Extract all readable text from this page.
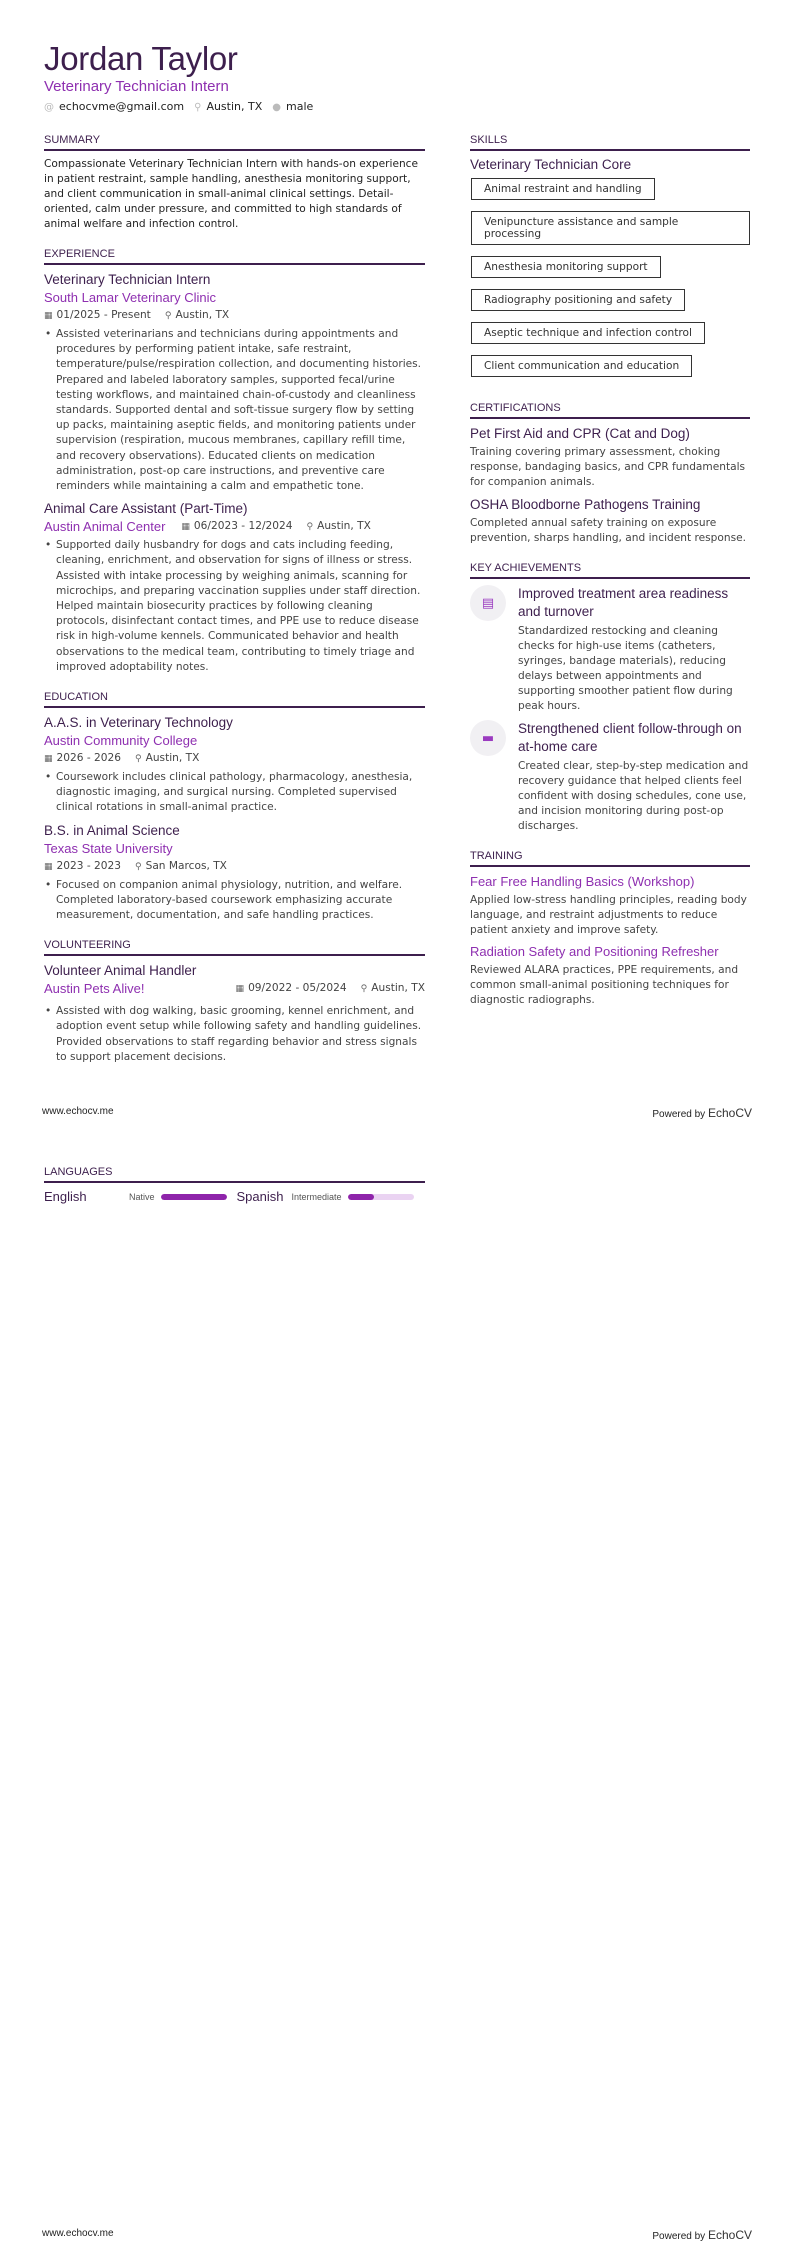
Jordan Taylor
Veterinary Technician Intern
@ echocvme@gmail.com ⚲ Austin, TX ● male
SUMMARY
Compassionate Veterinary Technician Intern with hands-on experience in patient restraint, sample handling, anesthesia monitoring support, and client communication in small-animal clinical settings. Detail-oriented, calm under pressure, and committed to high standards of animal welfare and infection control.
EXPERIENCE
Veterinary Technician Intern
South Lamar Veterinary Clinic
▦ 01/2025 - Present ⚲ Austin, TX
• Assisted veterinarians and technicians during appointments and procedures by performing patient intake, safe restraint, temperature/pulse/respiration collection, and documenting histories. Prepared and labeled laboratory samples, supported fecal/urine testing workflows, and maintained chain-of-custody and cleanliness standards. Supported dental and soft-tissue surgery flow by setting up packs, maintaining aseptic fields, and monitoring patients under supervision (respiration, mucous membranes, capillary refill time, and recovery observations). Educated clients on medication administration, post-op care instructions, and preventive care reminders while maintaining a calm and empathetic tone.
Animal Care Assistant (Part-Time)
Austin Animal Center ▦ 06/2023 - 12/2024 ⚲ Austin, TX
• Supported daily husbandry for dogs and cats including feeding, cleaning, enrichment, and observation for signs of illness or stress. Assisted with intake processing by weighing animals, scanning for microchips, and preparing vaccination supplies under staff direction. Helped maintain biosecurity practices by following cleaning protocols, disinfectant contact times, and PPE use to reduce disease risk in high-volume kennels. Communicated behavior and health observations to the medical team, contributing to timely triage and improved adoptability notes.
EDUCATION
A.A.S. in Veterinary Technology
Austin Community College
▦ 2026 - 2026 ⚲ Austin, TX
• Coursework includes clinical pathology, pharmacology, anesthesia, diagnostic imaging, and surgical nursing. Completed supervised clinical rotations in small-animal practice.
B.S. in Animal Science
Texas State University
▦ 2023 - 2023 ⚲ San Marcos, TX
• Focused on companion animal physiology, nutrition, and welfare. Completed laboratory-based coursework emphasizing accurate measurement, documentation, and safe handling practices.
VOLUNTEERING
Volunteer Animal Handler
Austin Pets Alive!	▦ 09/2022 - 05/2024 ⚲ Austin, TX
• Assisted with dog walking, basic grooming, kennel enrichment, and adoption event setup while following safety and handling guidelines. Provided observations to staff regarding behavior and stress signals to support placement decisions.
SKILLS
Veterinary Technician Core
Animal restraint and handling
Venipuncture assistance and sample processing
Anesthesia monitoring support
Radiography positioning and safety
Aseptic technique and infection control
Client communication and education
CERTIFICATIONS
Pet First Aid and CPR (Cat and Dog)
Training covering primary assessment, choking response, bandaging basics, and CPR fundamentals for companion animals.
OSHA Bloodborne Pathogens Training
Completed annual safety training on exposure prevention, sharps handling, and incident response.
KEY ACHIEVEMENTS
▤
Improved treatment area readiness and turnover
Standardized restocking and cleaning checks for high-use items (catheters, syringes, bandage materials), reducing delays between appointments and supporting smoother patient flow during peak hours.
▬
Strengthened client follow-through on at-home care
Created clear, step-by-step medication and recovery guidance that helped clients feel confident with dosing schedules, cone use, and incision monitoring during post-op discharges.
TRAINING
Fear Free Handling Basics (Workshop)
Applied low-stress handling principles, reading body language, and restraint adjustments to reduce patient anxiety and improve safety.
Radiation Safety and Positioning Refresher
Reviewed ALARA practices, PPE requirements, and common small-animal positioning techniques for diagnostic radiographs.
www.echocv.me	Powered by EchoCV
LANGUAGES
English	Native	Spanish Intermediate
www.echocv.me	Powered by EchoCV
